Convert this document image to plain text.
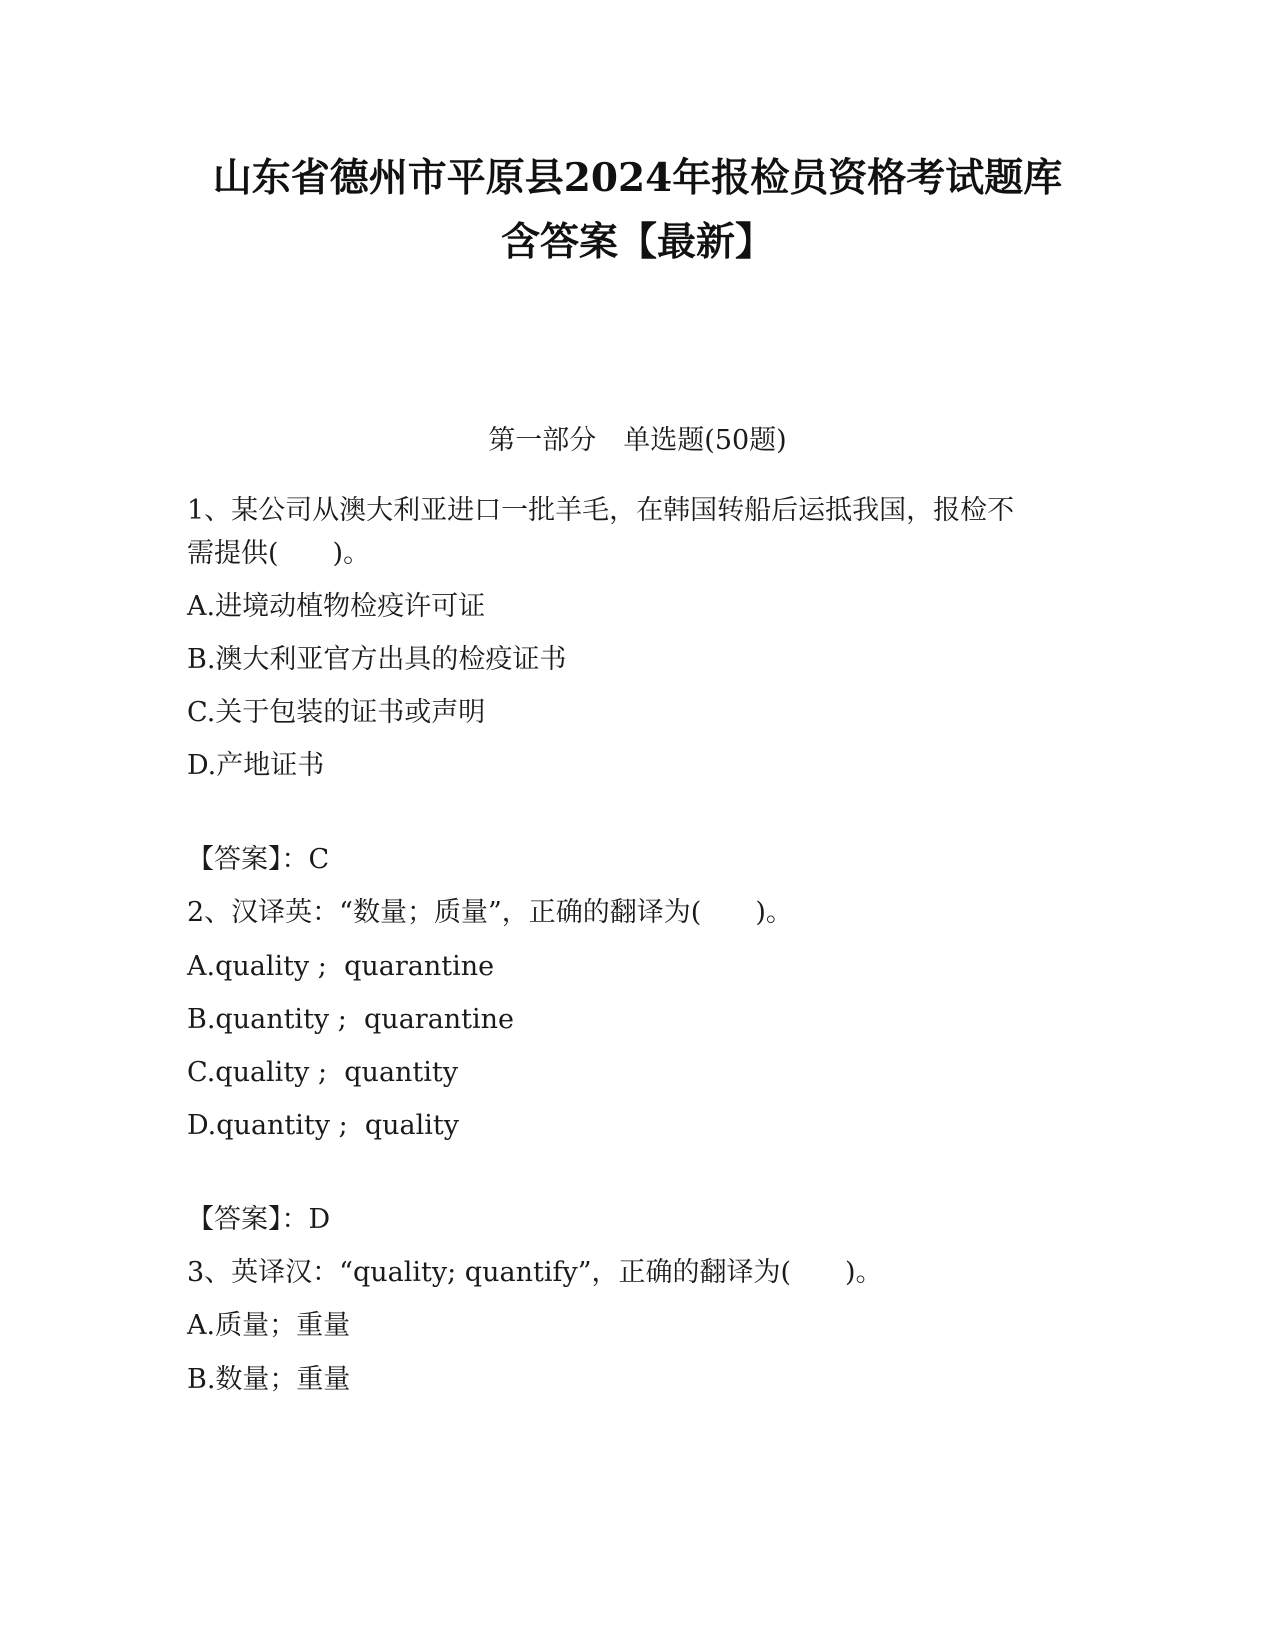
山东省德州市平原县2024年报检员资格考试题库
含答案【最新】
第一部分　单选题(50题)
1、某公司从澳大利亚进口一批羊毛，在韩国转船后运抵我国，报检不
需提供(　　)。
A.进境动植物检疫许可证
B.澳大利亚官方出具的检疫证书
C.关于包装的证书或声明
D.产地证书
【答案】：C
2、汉译英：“数量；质量”，正确的翻译为(　　)。
A.quality ;  quarantine
B.quantity ;  quarantine
C.quality ;  quantity
D.quantity ;  quality
【答案】：D
3、英译汉：“quality; quantify”，正确的翻译为(　　)。
A.质量；重量
B.数量；重量
